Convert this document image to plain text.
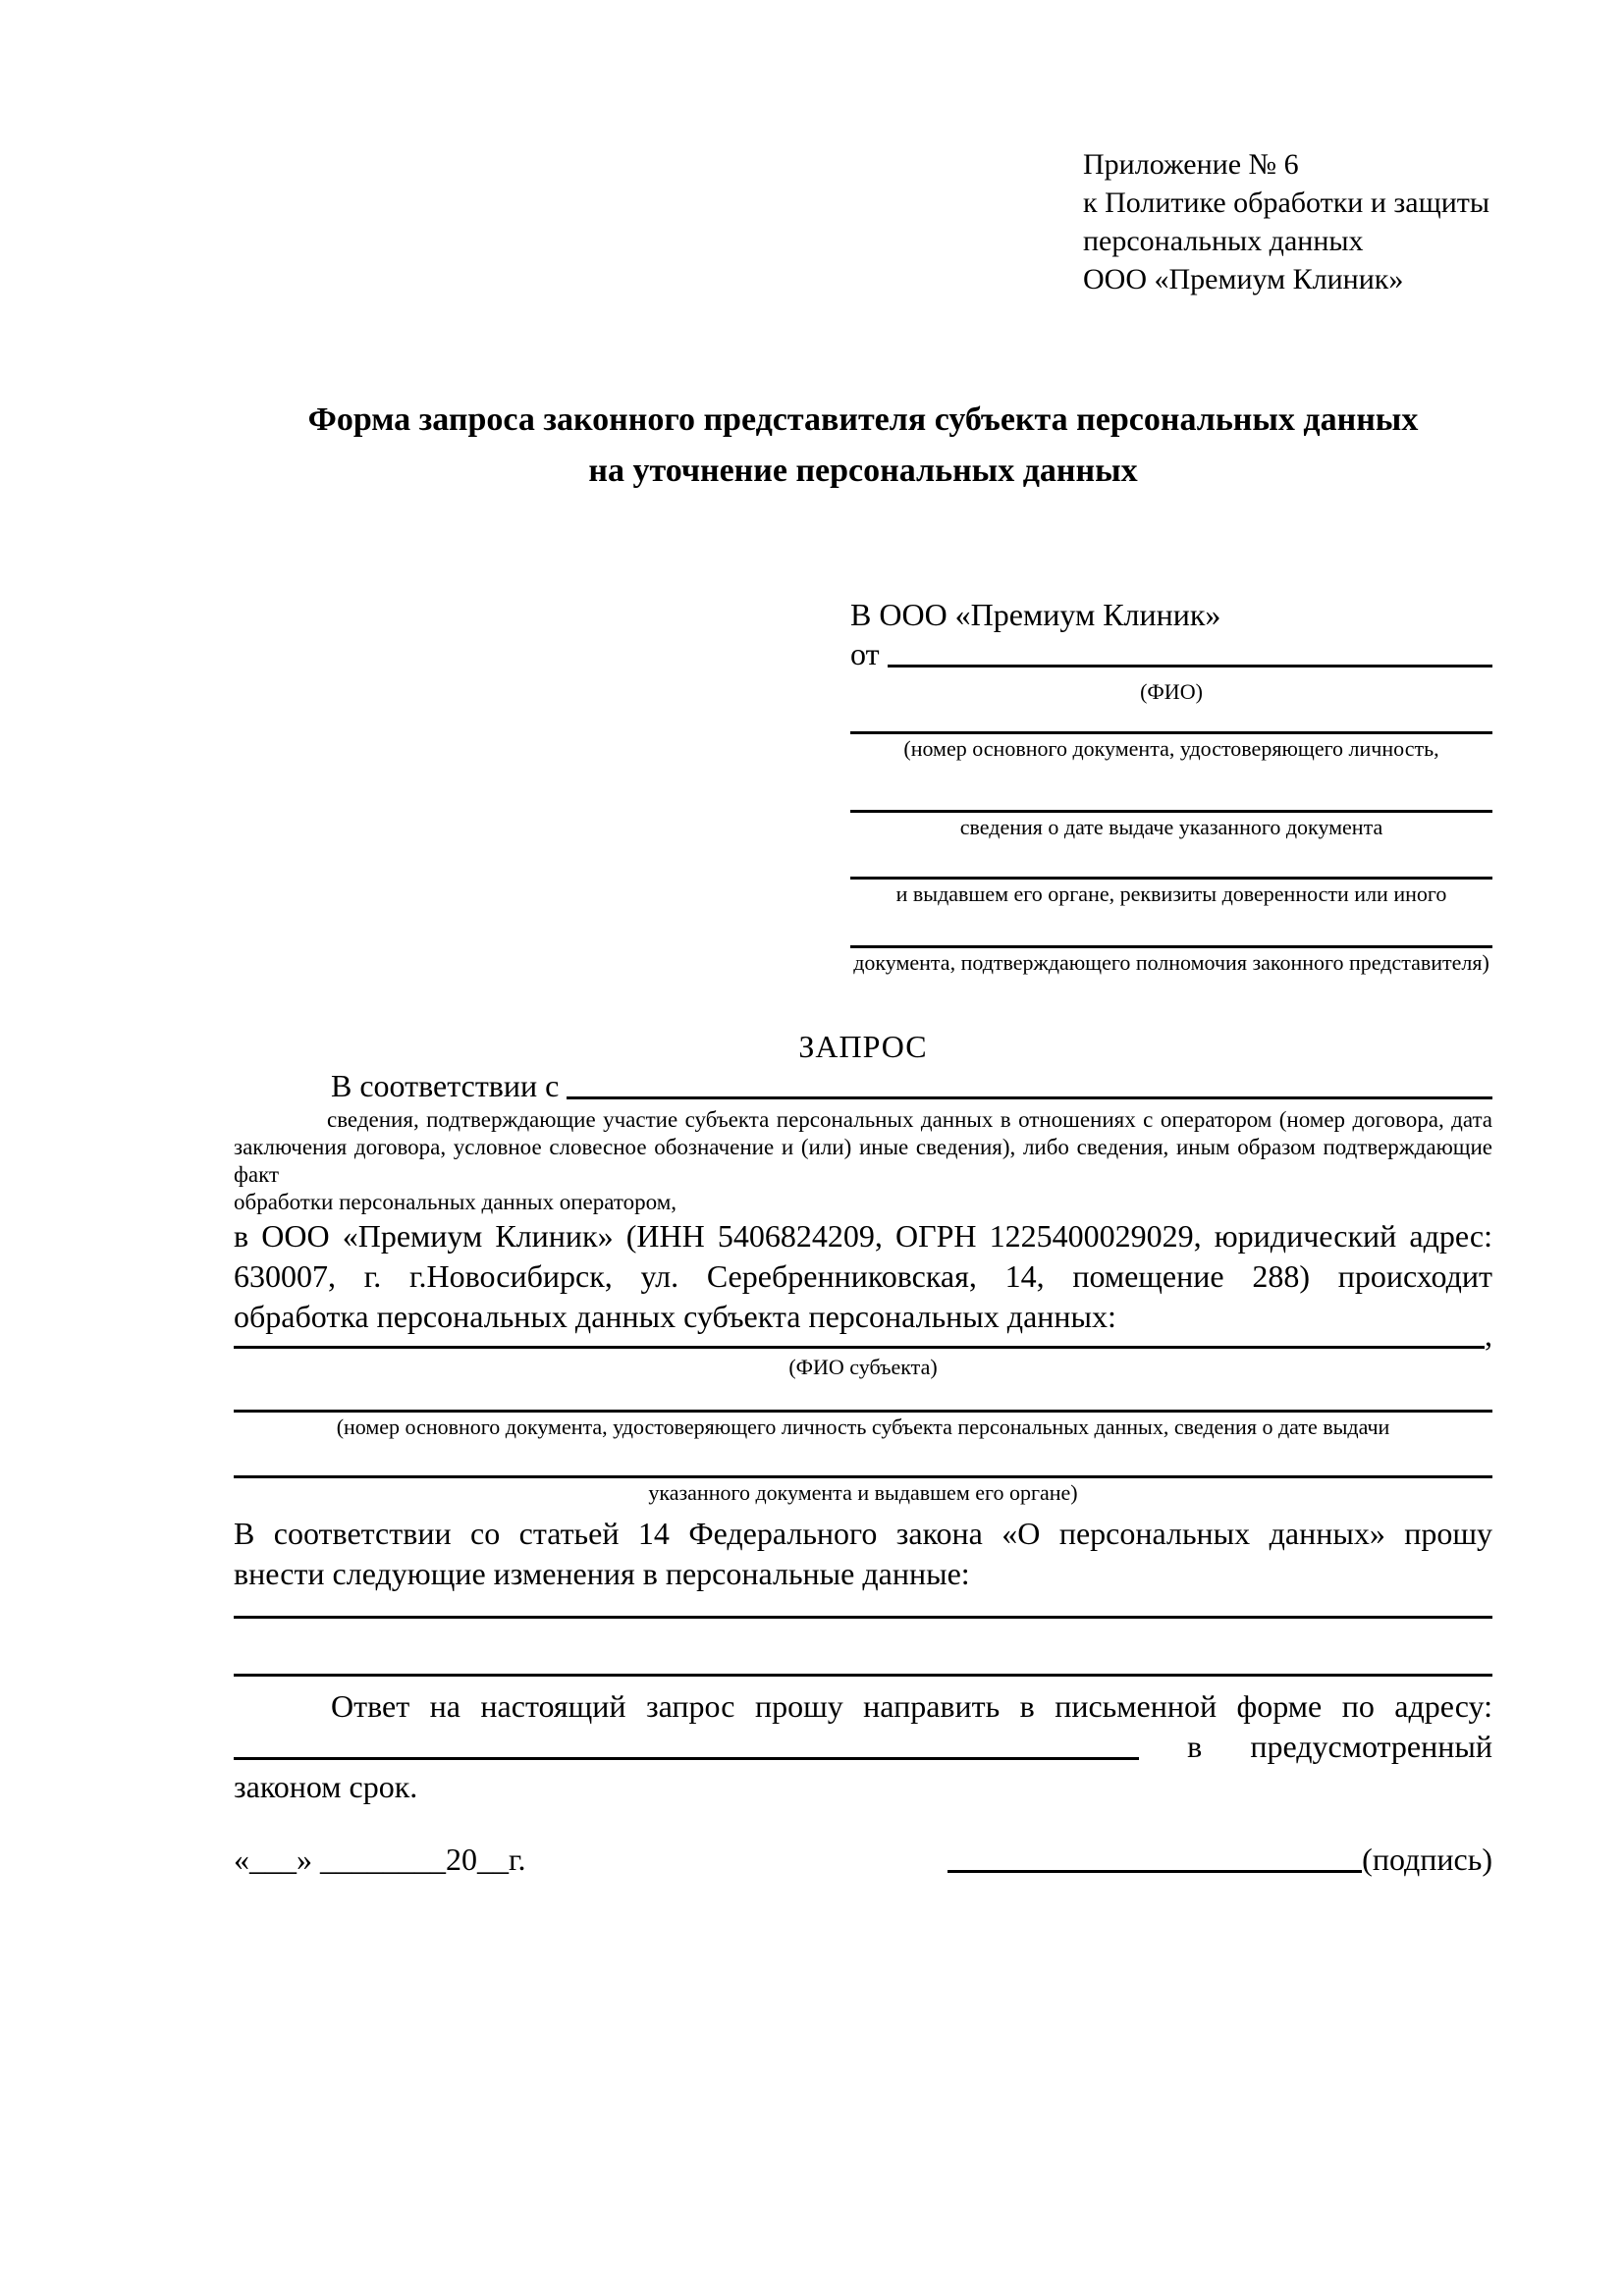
Приложение № 6
к Политике обработки и защиты
персональных данных
ООО «Премиум Клиник»
Форма запроса законного представителя субъекта персональных данных
на уточнение персональных данных
В ООО «Премиум Клиник»
от

(ФИО)
(номер основного документа, удостоверяющего личность,
сведения о дате выдаче указанного документа
и выдавшем его органе, реквизиты доверенности или иного
документа, подтверждающего полномочия законного представителя)
ЗАПРОС
В соответствии с

сведения, подтверждающие участие субъекта персональных данных в отношениях с оператором (номер договора, дата
заключения договора, условное словесное обозначение и (или) иные сведения), либо сведения, иным образом подтверждающие факт
обработки персональных данных оператором,
в ООО «Премиум Клиник» (ИНН 5406824209, ОГРН 1225400029029, юридический адрес:
630007, г. г.Новосибирск, ул. Серебренниковская, 14, помещение 288) происходит
обработка персональных данных субъекта персональных данных:
,
(ФИО субъекта)
(номер основного документа, удостоверяющего личность субъекта персональных данных, сведения о дате выдачи
указанного документа и выдавшем его органе)
В соответствии со статьей 14 Федерального закона «О персональных данных» прошу
внести следующие изменения в персональные данные:
Ответ на настоящий запрос прошу направить в письменной форме по адресу:
в предусмотренный
законом срок.
«___» ________20__г.	(подпись)
